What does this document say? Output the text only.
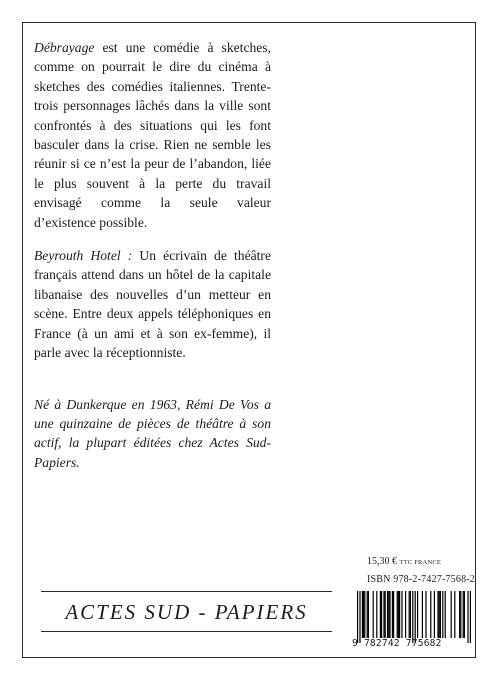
Débrayage est une comédie à sketches, comme on pourrait le dire du cinéma à sketches des comédies italiennes. Trente-trois personnages lâchés dans la ville sont confrontés à des situations qui les font basculer dans la crise. Rien ne semble les réunir si ce n’est la peur de l’abandon, liée le plus souvent à la perte du travail envisagé comme la seule valeur d’existence possible.

Beyrouth Hotel : Un écrivain de théâtre français attend dans un hôtel de la capitale libanaise des nouvelles d’un metteur en scène. Entre deux appels téléphoniques en France (à un ami et à son ex-femme), il parle avec la réceptionniste.

Né à Dunkerque en 1963, Rémi De Vos a une quinzaine de pièces de théâtre à son actif, la plupart éditées chez Actes Sud-Papiers.

15,30 € TTC FRANCE
ISBN 978-2-7427-7568-2
ACTES SUD - PAPIERS
9 782742 775682
